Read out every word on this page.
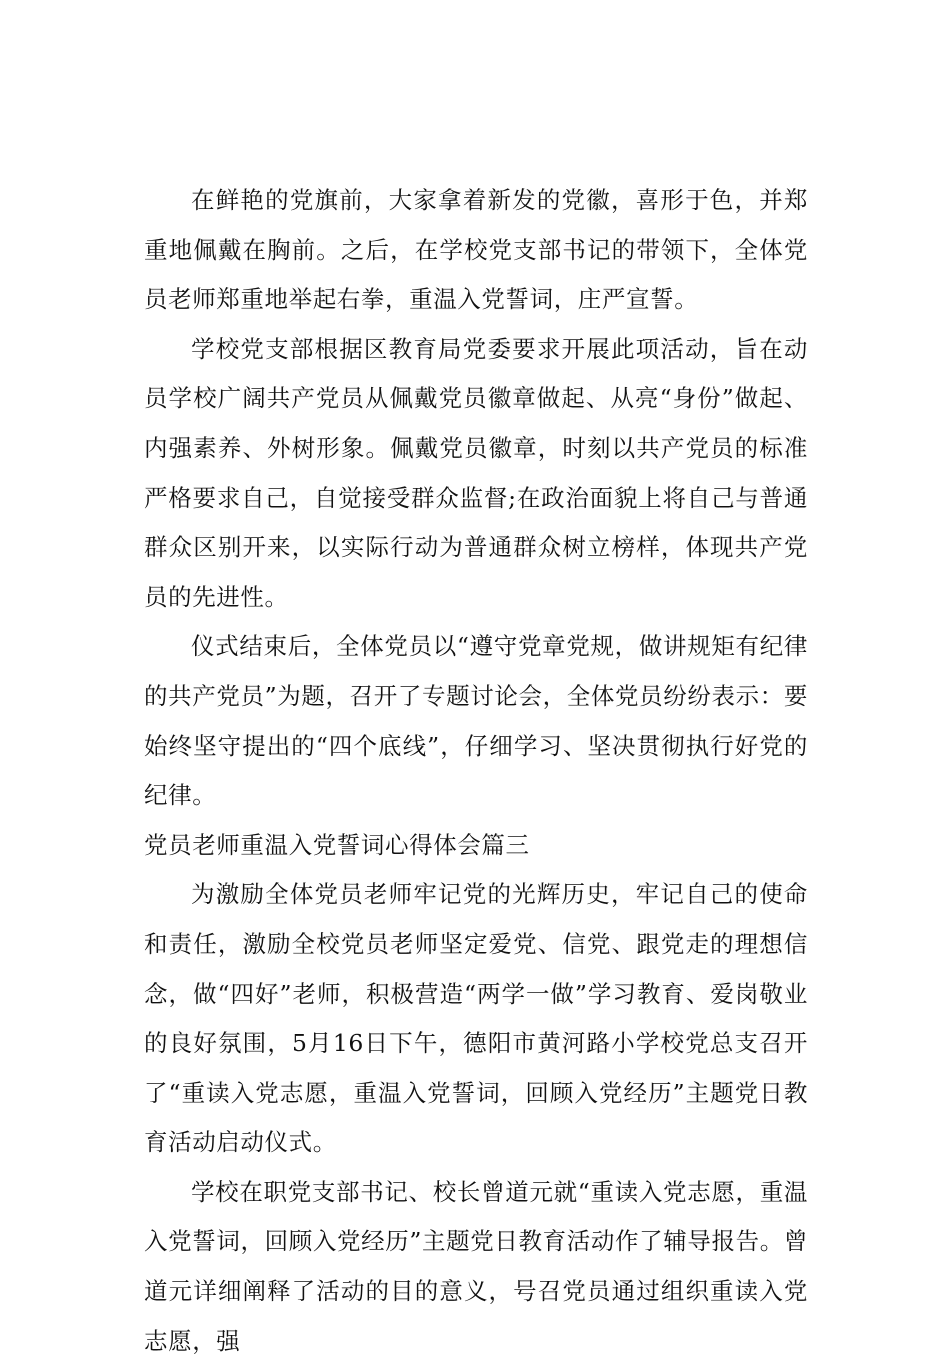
在鲜艳的党旗前，大家拿着新发的党徽，喜形于色，并郑重地佩戴在胸前。之后，在学校党支部书记的带领下，全体党员老师郑重地举起右拳，重温入党誓词，庄严宣誓。

学校党支部根据区教育局党委要求开展此项活动，旨在动员学校广阔共产党员从佩戴党员徽章做起、从亮“身份”做起、内强素养、外树形象。佩戴党员徽章，时刻以共产党员的标准严格要求自己，自觉接受群众监督;在政治面貌上将自己与普通群众区别开来，以实际行动为普通群众树立榜样，体现共产党员的先进性。

仪式结束后，全体党员以“遵守党章党规，做讲规矩有纪律的共产党员”为题，召开了专题讨论会，全体党员纷纷表示：要始终坚守提出的“四个底线”，仔细学习、坚决贯彻执行好党的纪律。

党员老师重温入党誓词心得体会篇三

为激励全体党员老师牢记党的光辉历史，牢记自己的使命和责任，激励全校党员老师坚定爱党、信党、跟党走的理想信念，做“四好”老师，积极营造“两学一做”学习教育、爱岗敬业的良好氛围，5月16日下午，德阳市黄河路小学校党总支召开了“重读入党志愿，重温入党誓词，回顾入党经历”主题党日教育活动启动仪式。

学校在职党支部书记、校长曾道元就“重读入党志愿，重温入党誓词，回顾入党经历”主题党日教育活动作了辅导报告。曾道元详细阐释了活动的目的意义，号召党员通过组织重读入党志愿，强
